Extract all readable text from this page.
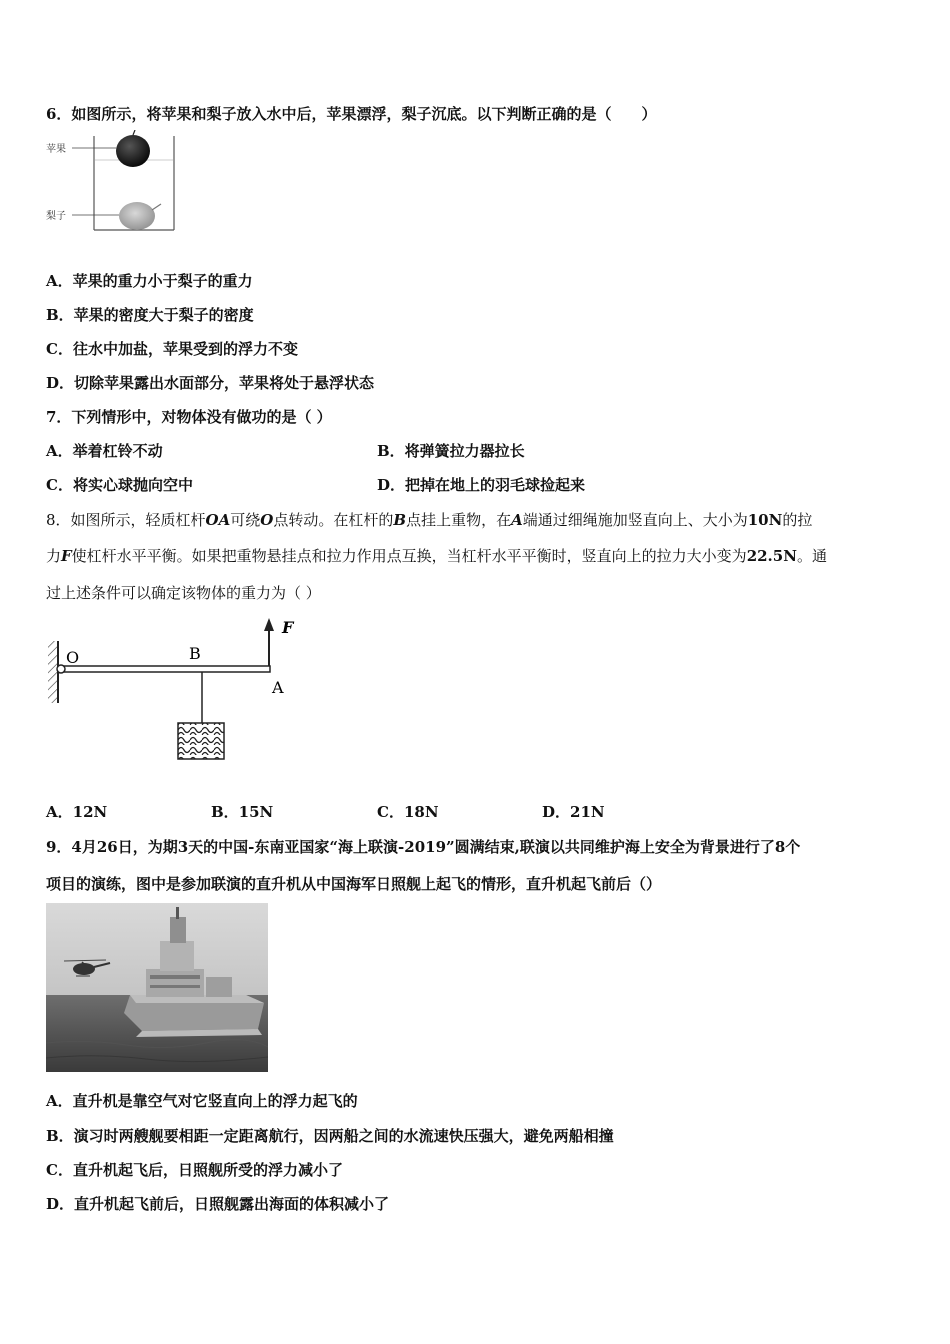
6．如图所示，将苹果和梨子放入水中后，苹果漂浮，梨子沉底。以下判断正确的是（　　）
苹果
梨子
A．苹果的重力小于梨子的重力
B．苹果的密度大于梨子的密度
C．往水中加盐，苹果受到的浮力不变
D．切除苹果露出水面部分，苹果将处于悬浮状态
7．下列情形中，对物体没有做功的是（ ）
A．举着杠铃不动	B．将弹簧拉力器拉长
C．将实心球抛向空中	D．把掉在地上的羽毛球捡起来
8．如图所示，轻质杠杆OA可绕O点转动。在杠杆的B点挂上重物，在A端通过细绳施加竖直向上、大小为10N的拉
力F使杠杆水平平衡。如果把重物悬挂点和拉力作用点互换，当杠杆水平平衡时，竖直向上的拉力大小变为22.5N。通
过上述条件可以确定该物体的重力为（ ）
O	B
A
F
A．12N	B．15N	C．18N	D．21N
9．4月26日，为期3天的中国-东南亚国家“海上联演-2019”圆满结束,联演以共同维护海上安全为背景进行了8个
项目的演练，图中是参加联演的直升机从中国海军日照舰上起飞的情形，直升机起飞前后（）
A．直升机是靠空气对它竖直向上的浮力起飞的
B．演习时两艘舰要相距一定距离航行，因两船之间的水流速快压强大，避免两船相撞
C．直升机起飞后，日照舰所受的浮力减小了
D．直升机起飞前后，日照舰露出海面的体积减小了
